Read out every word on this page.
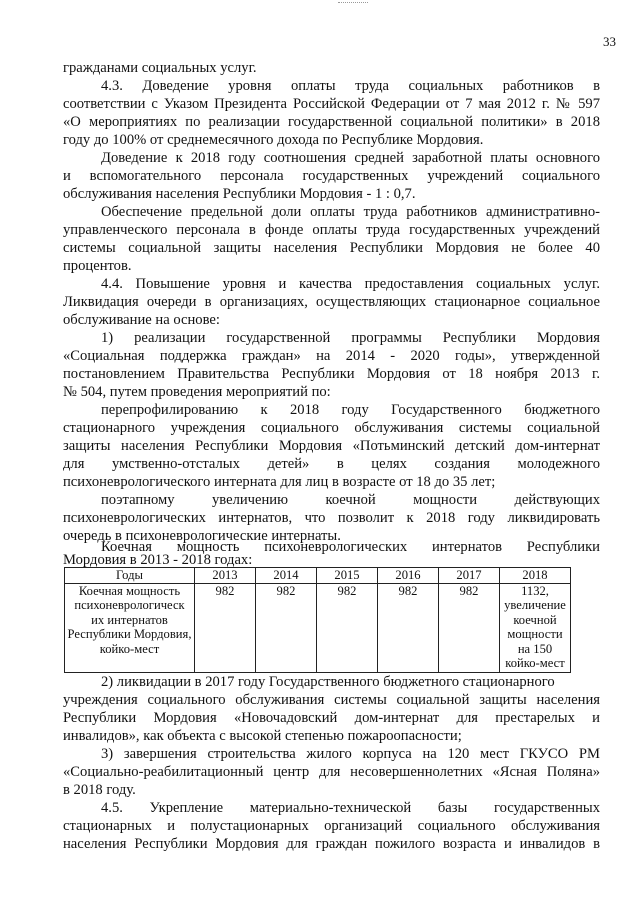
33
гражданами социальных услуг.
4.3. Доведение уровня оплаты труда социальных работников в
соответствии с Указом Президента Российской Федерации от 7 мая 2012 г. № 597
«О мероприятиях по реализации государственной социальной политики» в 2018
году до 100% от среднемесячного дохода по Республике Мордовия.
Доведение к 2018 году соотношения средней заработной платы основного
и вспомогательного персонала государственных учреждений социального
обслуживания населения Республики Мордовия - 1 : 0,7.
Обеспечение предельной доли оплаты труда работников административно-
управленческого персонала в фонде оплаты труда государственных учреждений
системы социальной защиты населения Республики Мордовия не более 40
процентов.
4.4. Повышение уровня и качества предоставления социальных услуг.
Ликвидация очереди в организациях, осуществляющих стационарное социальное
обслуживание на основе:
1) реализации государственной программы Республики Мордовия
«Социальная поддержка граждан» на 2014 - 2020 годы», утвержденной
постановлением Правительства Республики Мордовия от 18 ноября 2013 г.
№ 504, путем проведения мероприятий по:
перепрофилированию к 2018 году Государственного бюджетного
стационарного учреждения социального обслуживания системы социальной
защиты населения Республики Мордовия «Потьминский детский дом-интернат
для умственно-отсталых детей» в целях создания молодежного
психоневрологического интерната для лиц в возрасте от 18 до 35 лет;
поэтапному увеличению коечной мощности действующих
психоневрологических интернатов, что позволит к 2018 году ликвидировать
очередь в психоневрологические интернаты.
Коечная мощность психоневрологических интернатов Республики
Мордовия в 2013 - 2018 годах:
Годы	2013	2014	2015	2016	2017	2018
Коечная мощность психоневрологическ их интернатов Республики Мордовия, койко-мест	982	982	982	982	982	1132, увеличение коечной мощности на 150 койко-мест
2) ликвидации в 2017 году Государственного бюджетного стационарного
учреждения социального обслуживания системы социальной защиты населения
Республики Мордовия «Новочадовский дом-интернат для престарелых и
инвалидов», как объекта с высокой степенью пожароопасности;
3) завершения строительства жилого корпуса на 120 мест ГКУСО РМ
«Социально-реабилитационный центр для несовершеннолетних «Ясная Поляна»
в 2018 году.
4.5. Укрепление материально-технической базы государственных
стационарных и полустационарных организаций социального обслуживания
населения Республики Мордовия для граждан пожилого возраста и инвалидов в
